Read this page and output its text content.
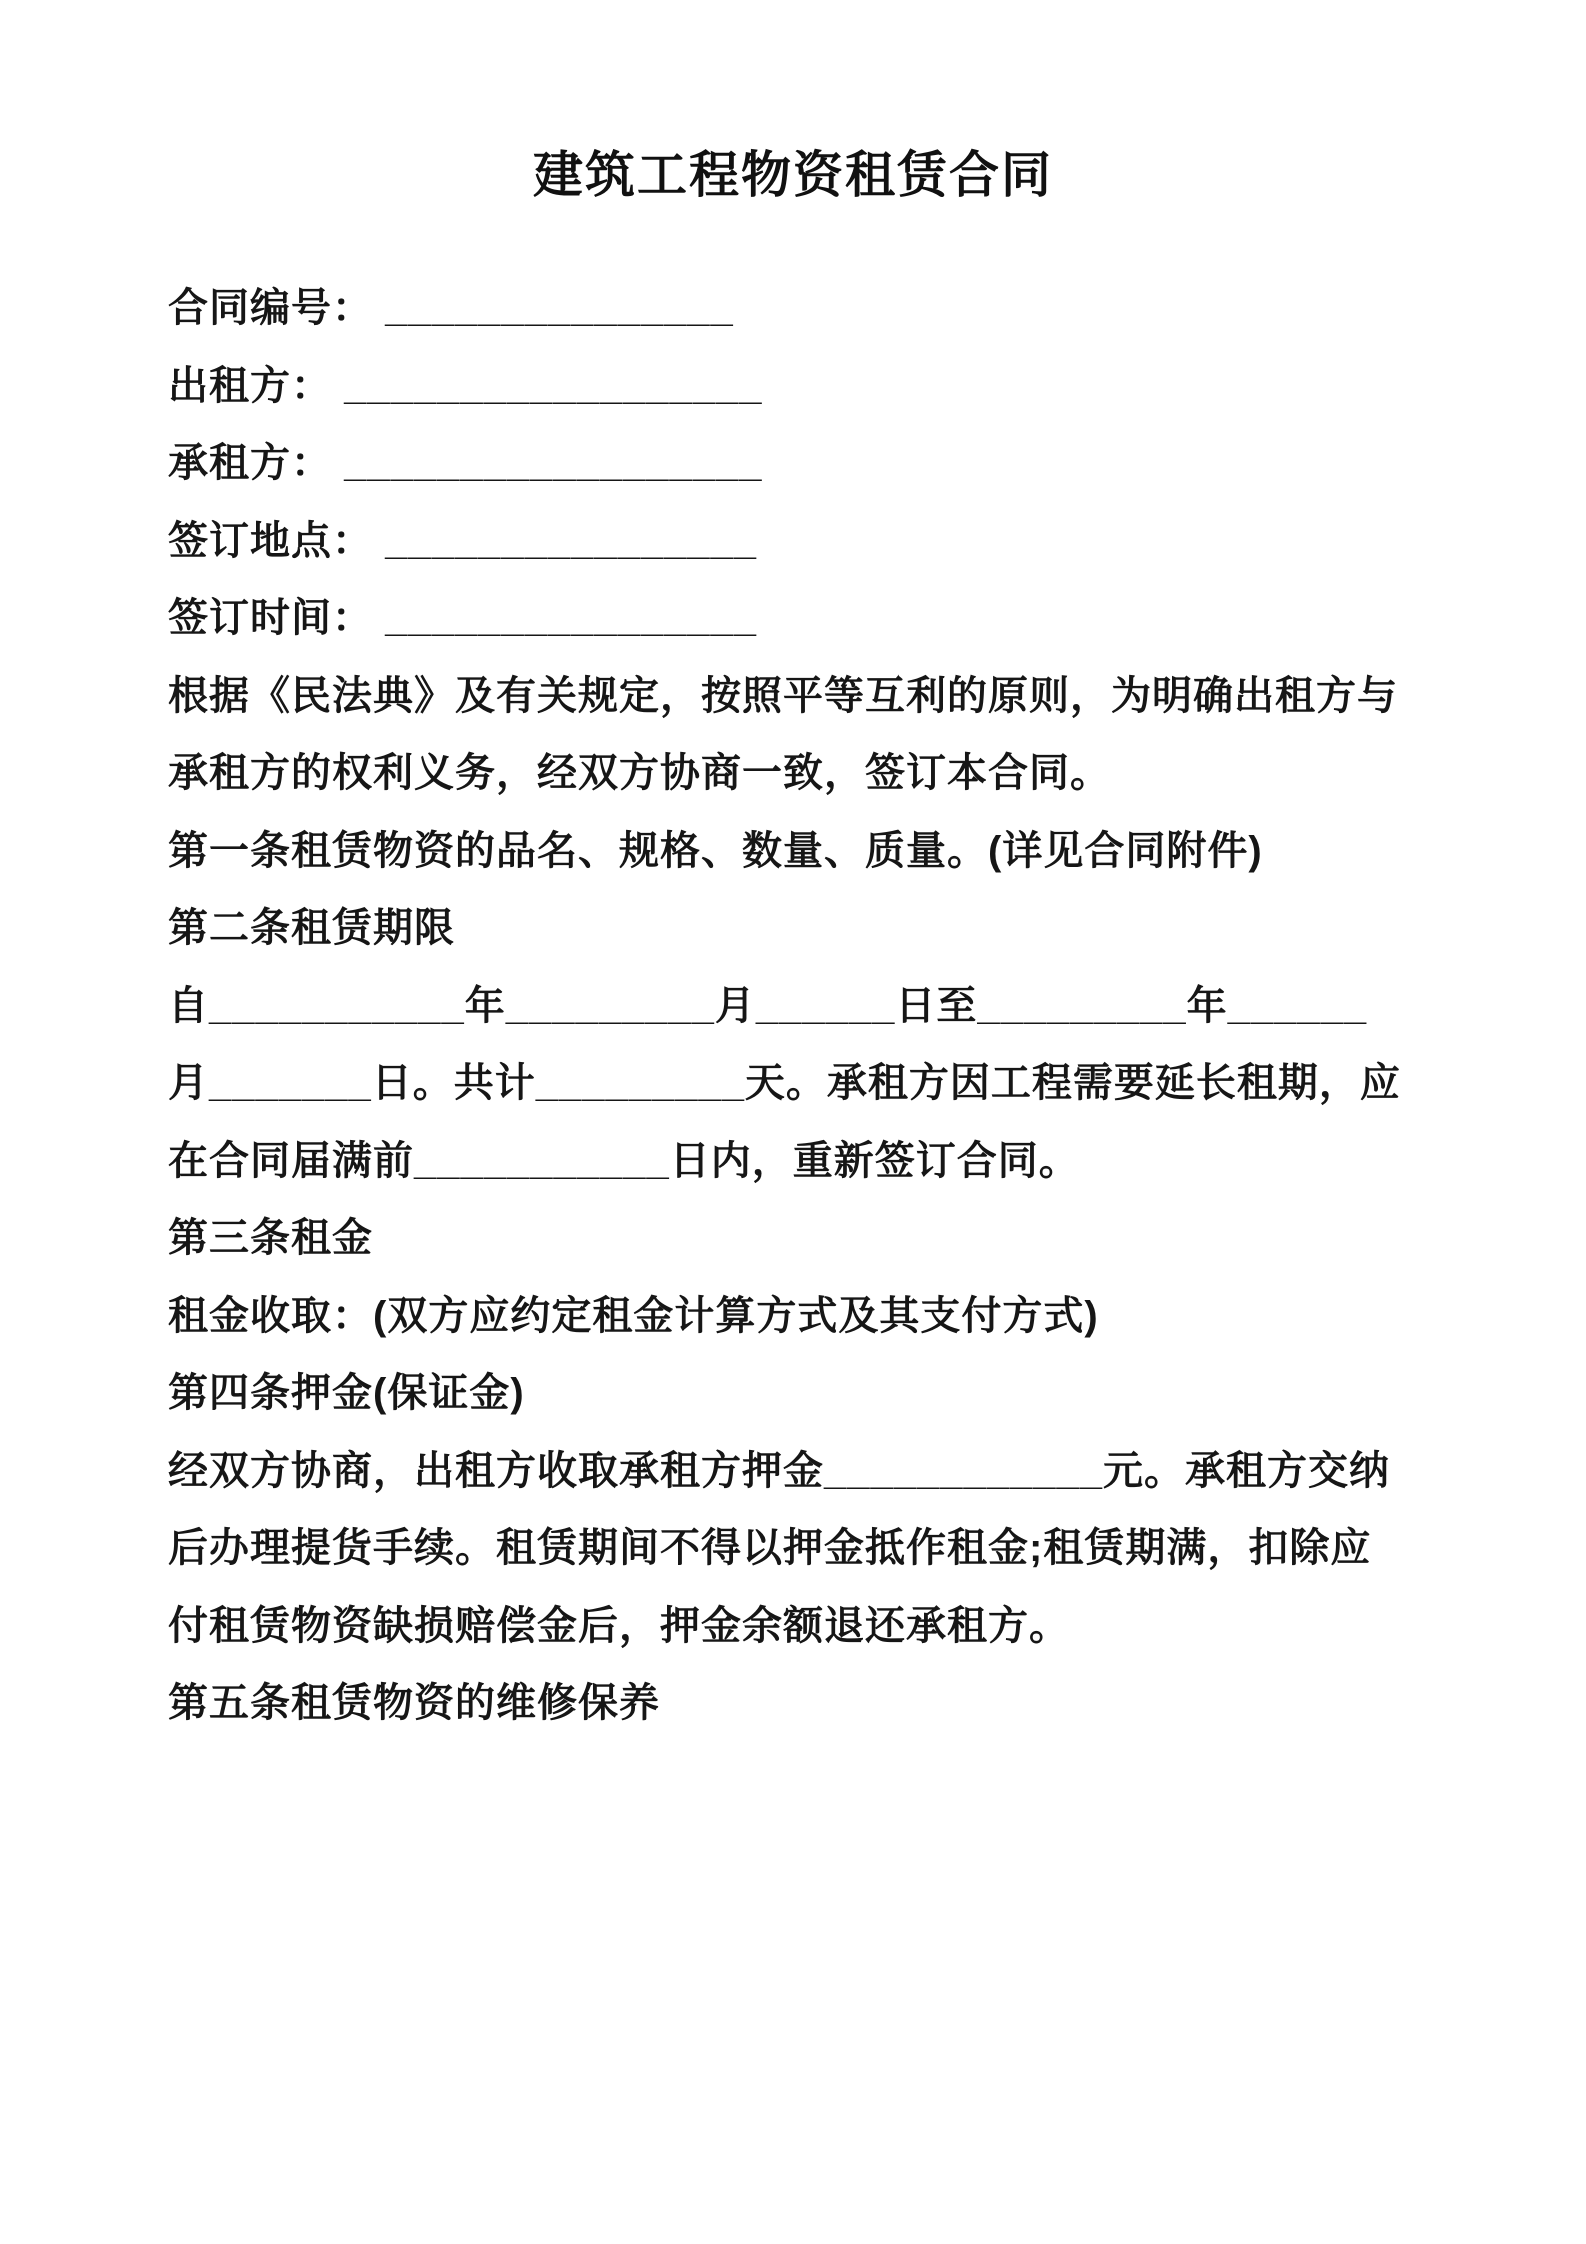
建筑工程物资租赁合同

合同编号： _______________

出租方： __________________

承租方： __________________

签订地点： ________________

签订时间： ________________

根据《民法典》及有关规定，按照平等互利的原则，为明确出租方与

承租方的权利义务，经双方协商一致，签订本合同。

第一条租赁物资的品名、规格、数量、质量。(详见合同附件)

第二条租赁期限

自___________年_________月______日至_________年______

月_______日。共计_________天。承租方因工程需要延长租期，应

在合同届满前___________日内，重新签订合同。

第三条租金

租金收取：(双方应约定租金计算方式及其支付方式)

第四条押金(保证金)

经双方协商，出租方收取承租方押金____________元。承租方交纳

后办理提货手续。租赁期间不得以押金抵作租金;租赁期满，扣除应

付租赁物资缺损赔偿金后，押金余额退还承租方。

第五条租赁物资的维修保养
